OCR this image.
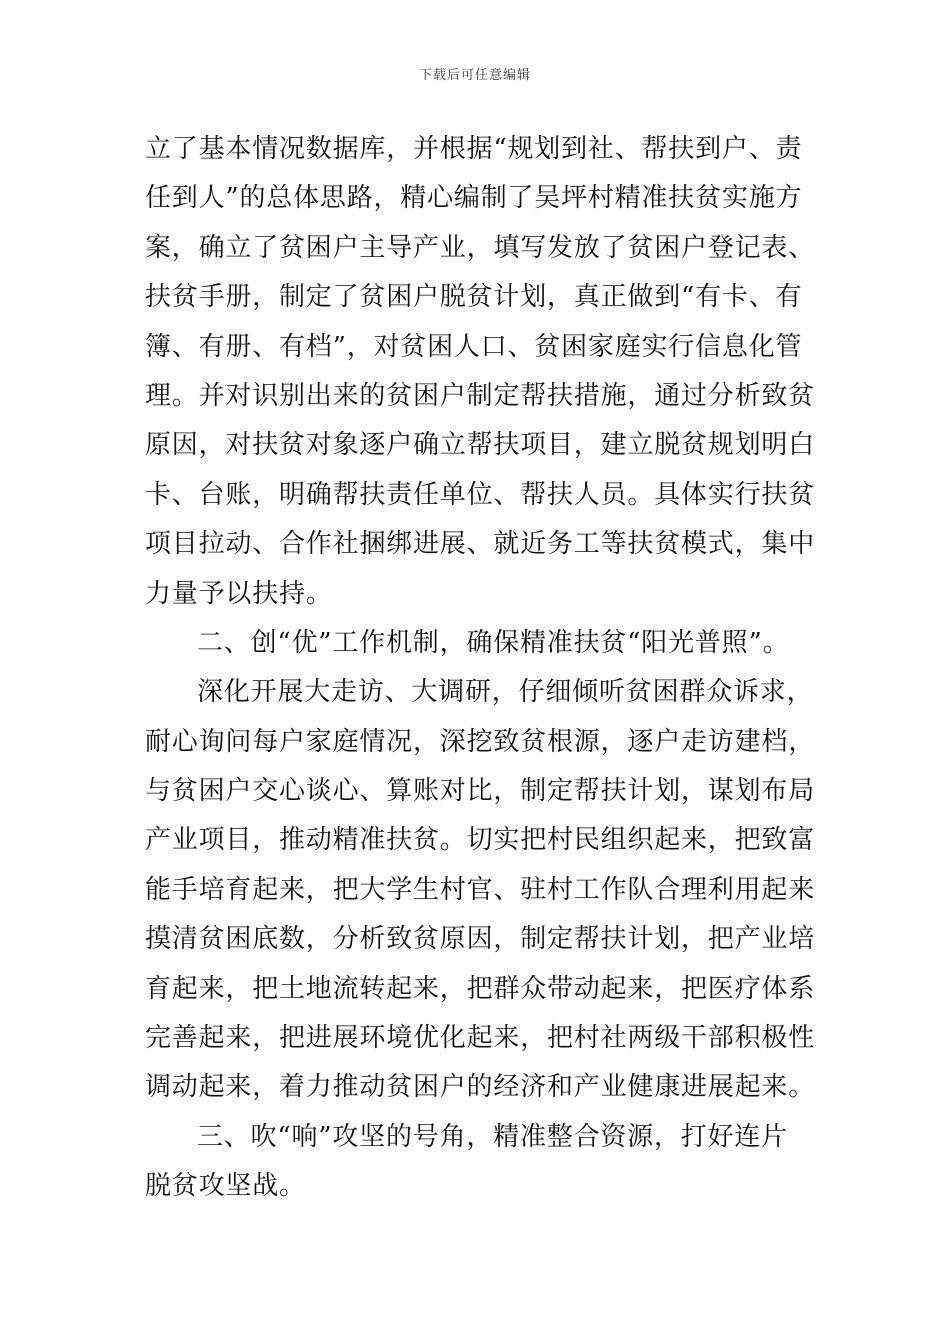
下载后可任意编辑
立了基本情况数据库，并根据“规划到社、帮扶到户、责
任到人”的总体思路，精心编制了吴坪村精准扶贫实施方
案，确立了贫困户主导产业，填写发放了贫困户登记表、
扶贫手册，制定了贫困户脱贫计划，真正做到“有卡、有
簿、有册、有档”，对贫困人口、贫困家庭实行信息化管
理。并对识别出来的贫困户制定帮扶措施，通过分析致贫
原因，对扶贫对象逐户确立帮扶项目，建立脱贫规划明白
卡、台账，明确帮扶责任单位、帮扶人员。具体实行扶贫
项目拉动、合作社捆绑进展、就近务工等扶贫模式，集中
力量予以扶持。
二、创“优”工作机制，确保精准扶贫“阳光普照”。
深化开展大走访、大调研，仔细倾听贫困群众诉求，
耐心询问每户家庭情况，深挖致贫根源，逐户走访建档，
与贫困户交心谈心、算账对比，制定帮扶计划，谋划布局
产业项目，推动精准扶贫。切实把村民组织起来，把致富
能手培育起来，把大学生村官、驻村工作队合理利用起来
摸清贫困底数，分析致贫原因，制定帮扶计划，把产业培
育起来，把土地流转起来，把群众带动起来，把医疗体系
完善起来，把进展环境优化起来，把村社两级干部积极性
调动起来，着力推动贫困户的经济和产业健康进展起来。
三、吹“响”攻坚的号角，精准整合资源，打好连片
脱贫攻坚战。
